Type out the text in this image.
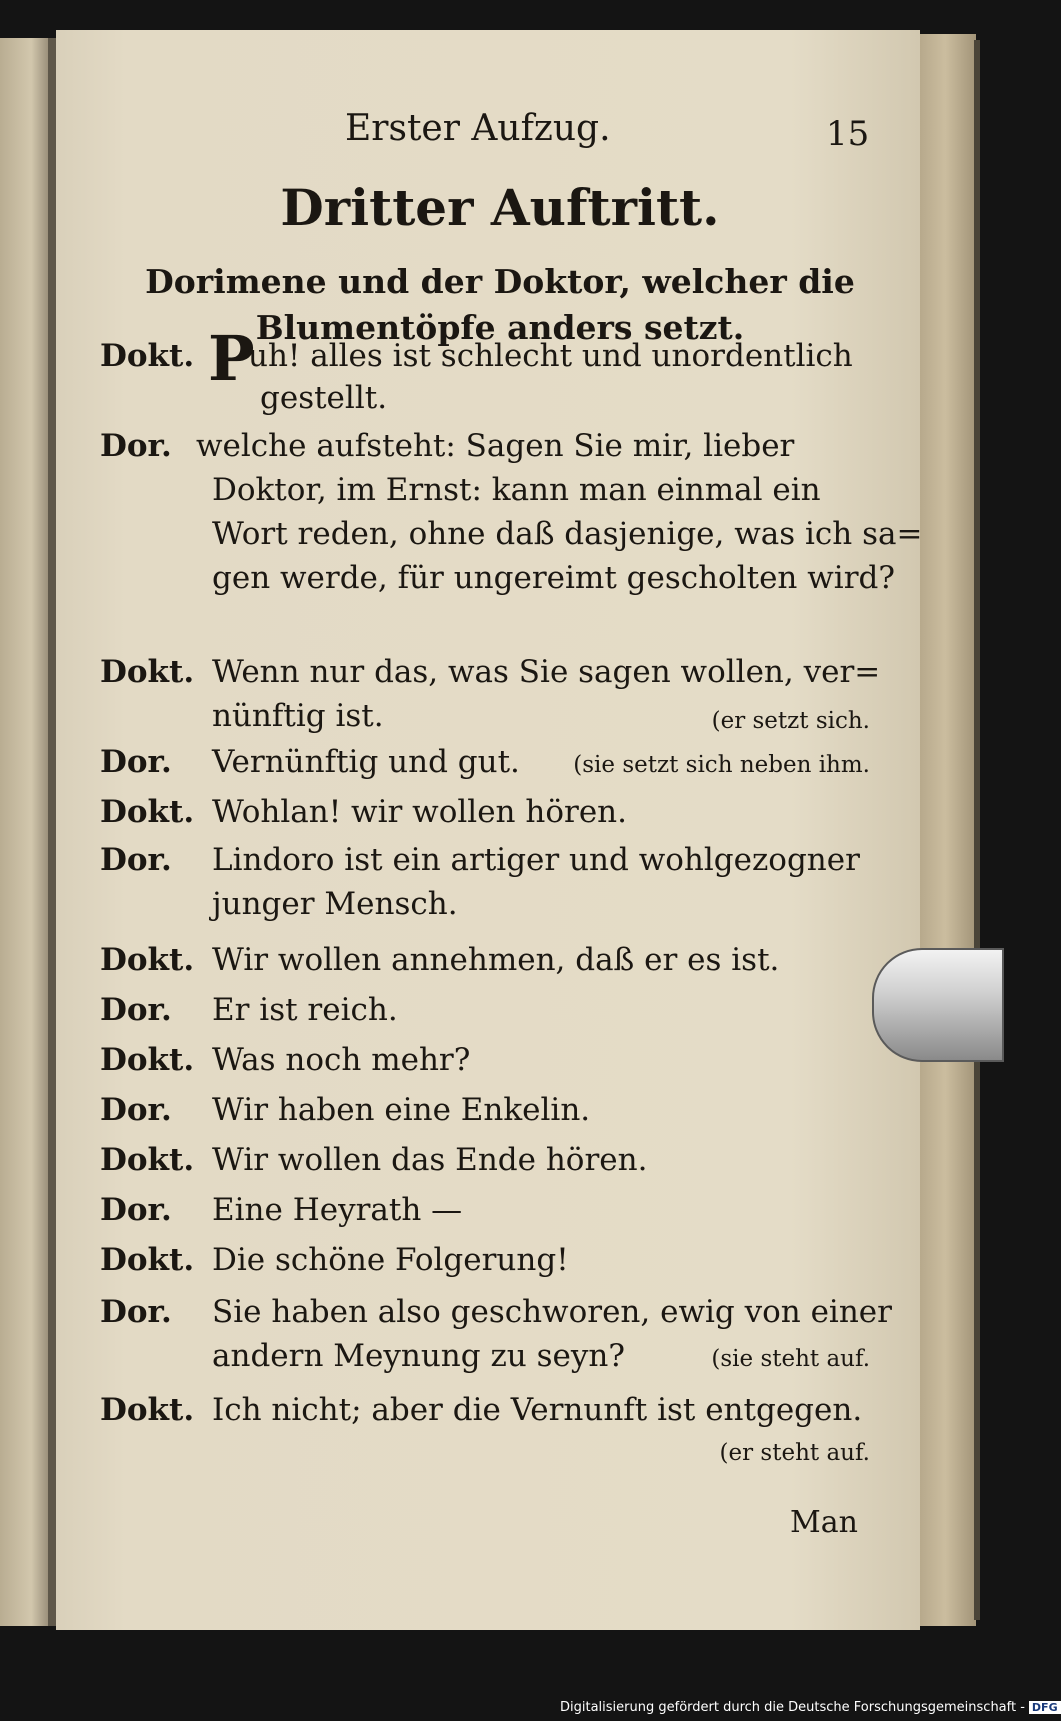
Erster Aufzug.	15
Dritter Auftritt.
Dorimene und der Doktor, welcher die
Blumentöpfe anders setzt.
Dokt. P
uh! alles ist schlecht und unordentlich
gestellt.
Dor. welche aufsteht: Sagen Sie mir, lieber
Doktor, im Ernst: kann man einmal ein
Wort reden, ohne daß dasjenige, was ich sa=
gen werde, für ungereimt gescholten wird?
Dokt. Wenn nur das, was Sie sagen wollen, ver=
nünftig ist.	(er setzt sich.
Dor. Vernünftig und gut. (sie setzt sich neben ihm.
Dokt. Wohlan! wir wollen hören.
Dor. Lindoro ist ein artiger und wohlgezogner
junger Mensch.
Dokt. Wir wollen annehmen, daß er es ist.
Dor. Er ist reich.
Dokt. Was noch mehr?
Dor. Wir haben eine Enkelin.
Dokt. Wir wollen das Ende hören.
Dor. Eine Heyrath —
Dokt. Die schöne Folgerung!
Dor. Sie haben also geschworen, ewig von einer
andern Meynung zu seyn?	(sie steht auf.
Dokt. Ich nicht; aber die Vernunft ist entgegen.
(er steht auf.
Man
Digitalisierung gefördert durch die Deutsche Forschungsgemeinschaft - DFG
